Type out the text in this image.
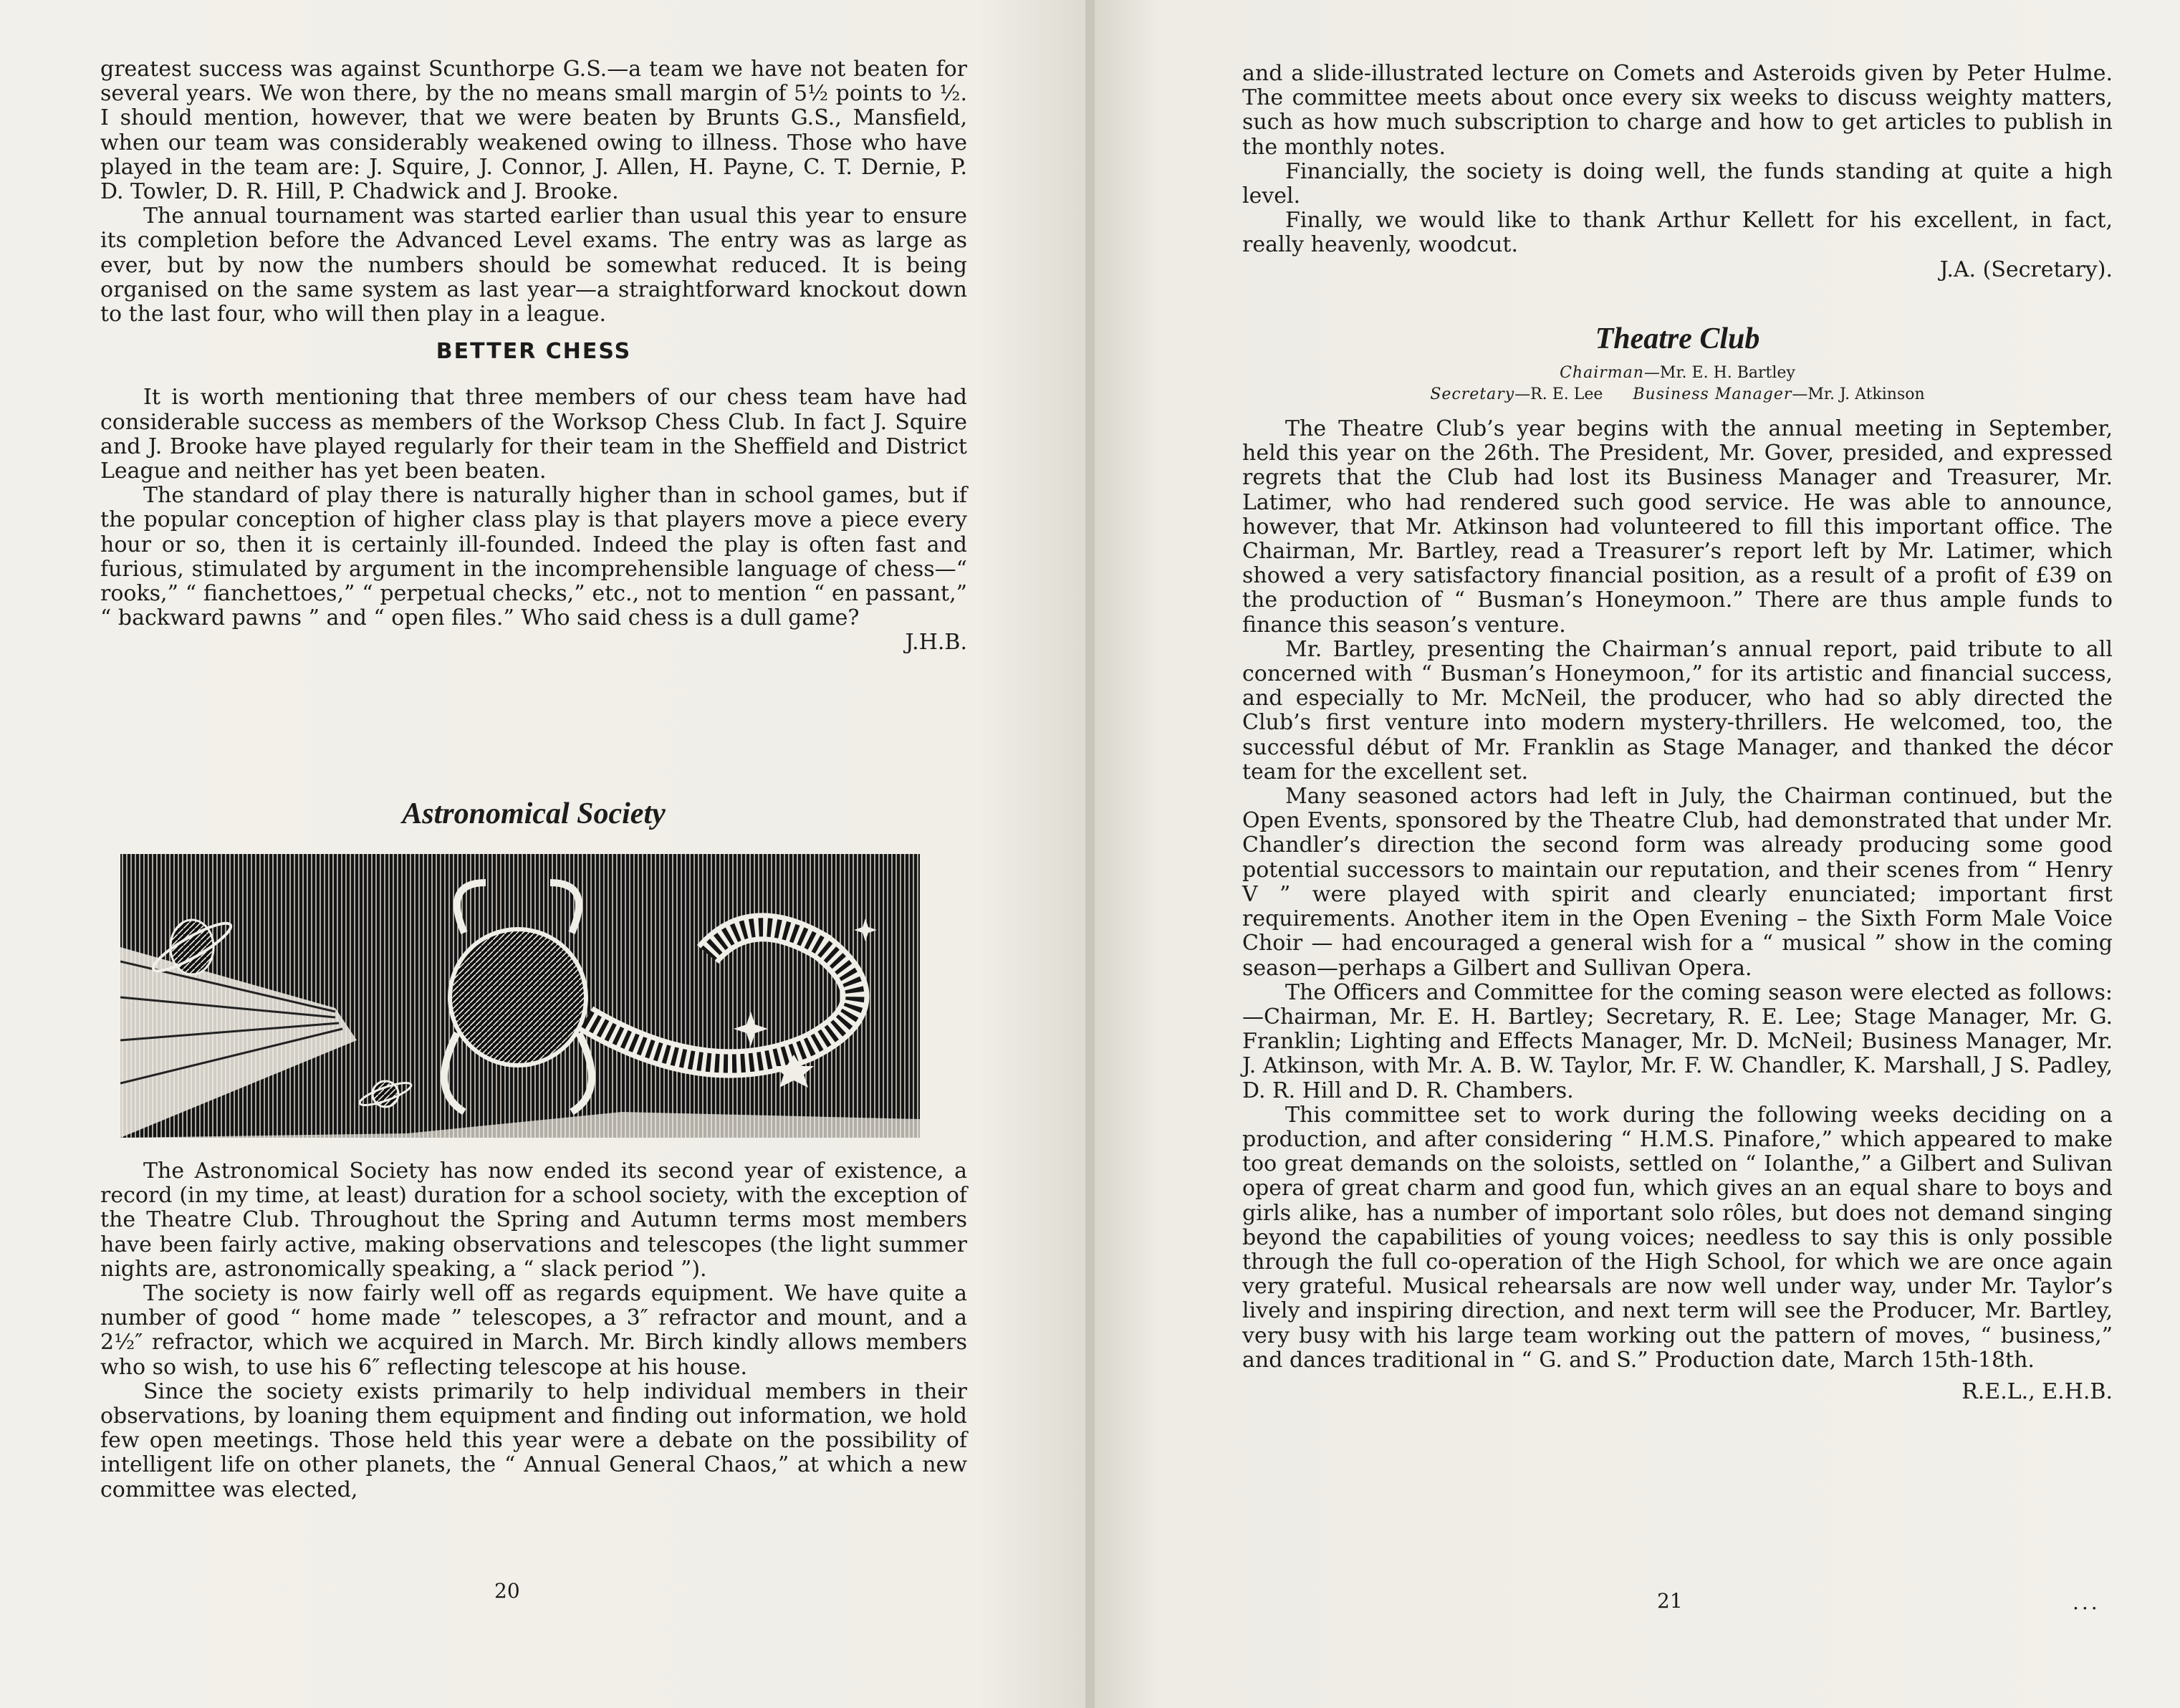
greatest success was against Scunthorpe G.S.—a team we have not beaten for several years. We won there, by the no means small margin of 5½ points to ½. I should mention, however, that we were beaten by Brunts G.S., Mansfield, when our team was considerably weakened owing to illness. Those who have played in the team are: J. Squire, J. Connor, J. Allen, H. Payne, C. T. Dernie, P. D. Towler, D. R. Hill, P. Chadwick and J. Brooke.

The annual tournament was started earlier than usual this year to ensure its completion before the Advanced Level exams. The entry was as large as ever, but by now the numbers should be somewhat reduced. It is being organised on the same system as last year—a straightforward knockout down to the last four, who will then play in a league.

BETTER CHESS

It is worth mentioning that three members of our chess team have had considerable success as members of the Worksop Chess Club. In fact J. Squire and J. Brooke have played regularly for their team in the Sheffield and District League and neither has yet been beaten.

The standard of play there is naturally higher than in school games, but if the popular conception of higher class play is that players move a piece every hour or so, then it is certainly ill-founded. Indeed the play is often fast and furious, stimulated by argument in the incomprehensible language of chess—“ rooks,” “ fianchettoes,” “ perpetual checks,” etc., not to mention “ en passant,” “ backward pawns ” and “ open files.” Who said chess is a dull game?

J.H.B.

Astronomical Society

The Astronomical Society has now ended its second year of existence, a record (in my time, at least) duration for a school society, with the exception of the Theatre Club. Throughout the Spring and Autumn terms most members have been fairly active, making observations and telescopes (the light summer nights are, astronomically speaking, a “ slack period ”).

The society is now fairly well off as regards equipment. We have quite a number of good “ home made ” telescopes, a 3″ refractor and mount, and a 2½″ refractor, which we acquired in March. Mr. Birch kindly allows members who so wish, to use his 6″ reflecting telescope at his house.

Since the society exists primarily to help individual members in their observations, by loaning them equipment and finding out information, we hold few open meetings. Those held this year were a debate on the possibility of intelligent life on other planets, the “ Annual General Chaos,” at which a new committee was elected,

20

and a slide-illustrated lecture on Comets and Asteroids given by Peter Hulme. The committee meets about once every six weeks to discuss weighty matters, such as how much subscription to charge and how to get articles to publish in the monthly notes.

Financially, the society is doing well, the funds standing at quite a high level.

Finally, we would like to thank Arthur Kellett for his excellent, in fact, really heavenly, woodcut.

J.A. (Secretary).

Theatre Club
Chairman—Mr. E. H. Bartley
Secretary—R. E. Lee Business Manager—Mr. J. Atkinson

The Theatre Club’s year begins with the annual meeting in September, held this year on the 26th. The President, Mr. Gover, presided, and expressed regrets that the Club had lost its Business Manager and Treasurer, Mr. Latimer, who had rendered such good service. He was able to announce, however, that Mr. Atkinson had volunteered to fill this important office. The Chairman, Mr. Bartley, read a Treasurer’s report left by Mr. Latimer, which showed a very satisfactory financial position, as a result of a profit of £39 on the production of “ Busman’s Honeymoon.” There are thus ample funds to finance this season’s venture.

Mr. Bartley, presenting the Chairman’s annual report, paid tribute to all concerned with “ Busman’s Honeymoon,” for its artistic and financial success, and especially to Mr. McNeil, the producer, who had so ably directed the Club’s first venture into modern mystery-thrillers. He welcomed, too, the successful début of Mr. Franklin as Stage Manager, and thanked the décor team for the excellent set.

Many seasoned actors had left in July, the Chairman continued, but the Open Events, sponsored by the Theatre Club, had demonstrated that under Mr. Chandler’s direction the second form was already producing some good potential successors to maintain our reputation, and their scenes from “ Henry V ” were played with spirit and clearly enunciated; important first requirements. Another item in the Open Evening – the Sixth Form Male Voice Choir — had encouraged a general wish for a “ musical ” show in the coming season—perhaps a Gilbert and Sullivan Opera.

The Officers and Committee for the coming season were elected as follows:—Chairman, Mr. E. H. Bartley; Secretary, R. E. Lee; Stage Manager, Mr. G. Franklin; Lighting and Effects Manager, Mr. D. McNeil; Business Manager, Mr. J. Atkinson, with Mr. A. B. W. Taylor, Mr. F. W. Chandler, K. Marshall, J S. Padley, D. R. Hill and D. R. Chambers.

This committee set to work during the following weeks deciding on a production, and after considering “ H.M.S. Pinafore,” which appeared to make too great demands on the soloists, settled on “ Iolanthe,” a Gilbert and Sulivan opera of great charm and good fun, which gives an an equal share to boys and girls alike, has a number of important solo rôles, but does not demand singing beyond the capabilities of young voices; needless to say this is only possible through the full co-operation of the High School, for which we are once again very grateful. Musical rehearsals are now well under way, under Mr. Taylor’s lively and inspiring direction, and next term will see the Producer, Mr. Bartley, very busy with his large team working out the pattern of moves, “ business,” and dances traditional in “ G. and S.” Production date, March 15th-18th.

R.E.L., E.H.B.

21	...
